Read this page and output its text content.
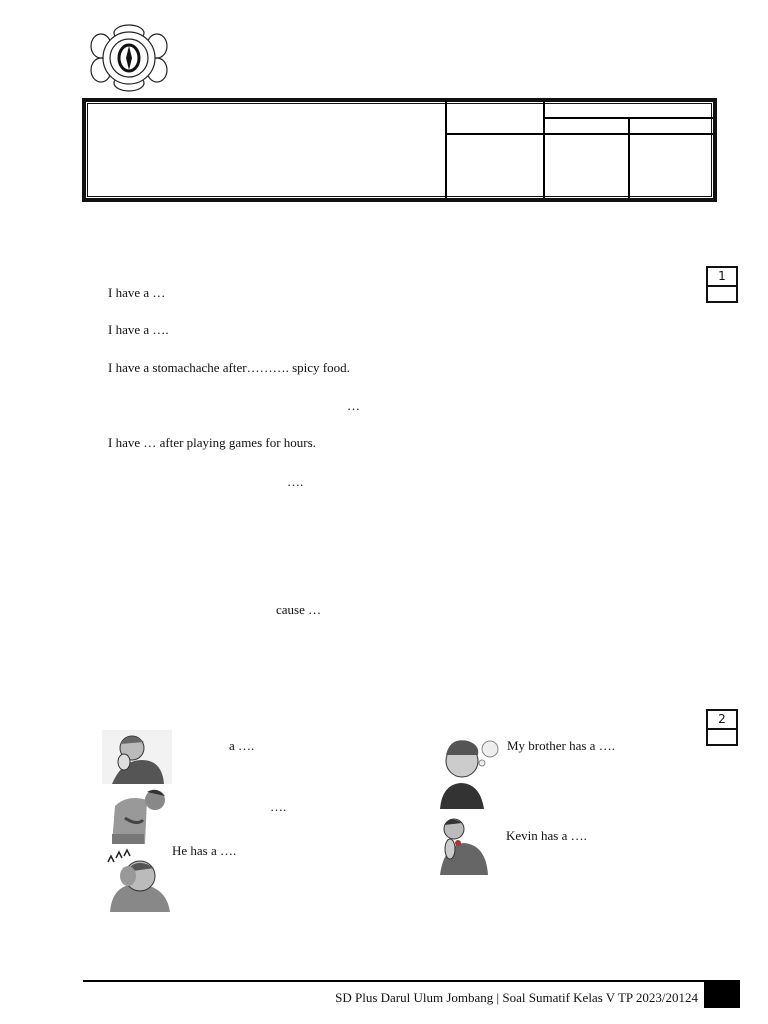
1
I have a …
I have a ….
I have a stomachache after………. spicy food.
…
I have … after playing games for hours.
….
cause …
2
a ….
….
He has a ….
My brother has a ….
Kevin has a ….
SD Plus Darul Ulum Jombang | Soal Sumatif Kelas V TP 2023/20124
